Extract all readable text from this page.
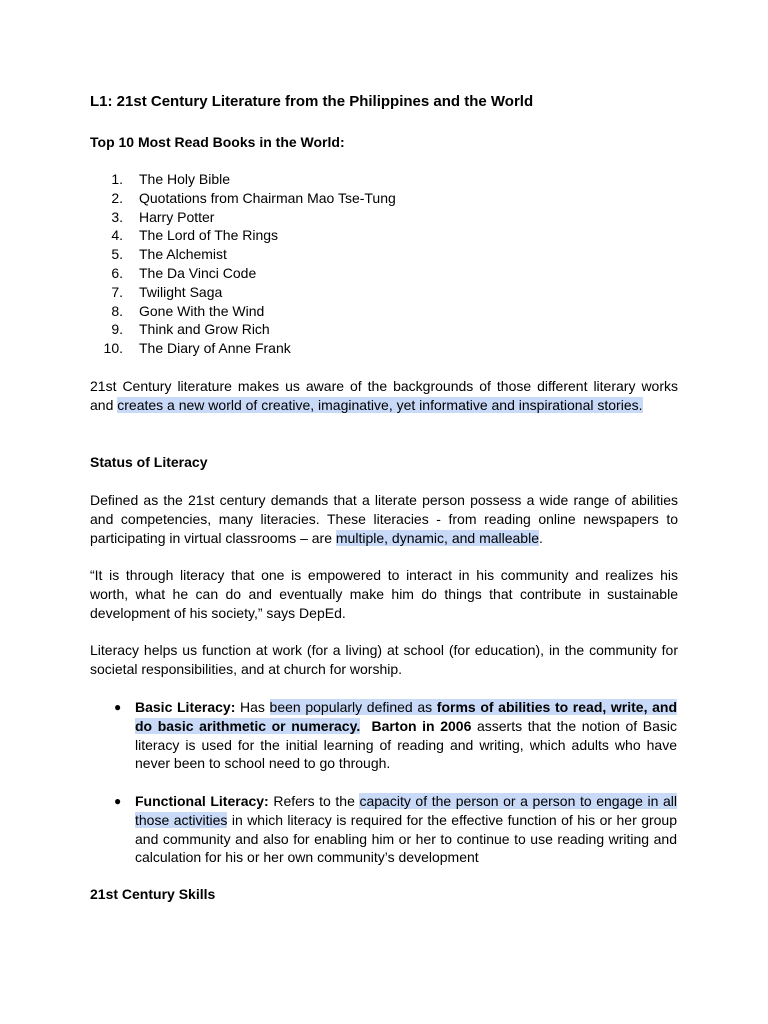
L1: 21st Century Literature from the Philippines and the World

Top 10 Most Read Books in the World:

1. The Holy Bible
2. Quotations from Chairman Mao Tse-Tung
3. Harry Potter
4. The Lord of The Rings
5. The Alchemist
6. The Da Vinci Code
7. Twilight Saga
8. Gone With the Wind
9. Think and Grow Rich
10. The Diary of Anne Frank

21st Century literature makes us aware of the backgrounds of those different literary works and creates a new world of creative, imaginative, yet informative and inspirational stories.

Status of Literacy

Defined as the 21st century demands that a literate person possess a wide range of abilities and competencies, many literacies. These literacies - from reading online newspapers to participating in virtual classrooms – are multiple, dynamic, and malleable.

“It is through literacy that one is empowered to interact in his community and realizes his worth, what he can do and eventually make him do things that contribute in sustainable development of his society,” says DepEd.

Literacy helps us function at work (for a living) at school (for education), in the community for societal responsibilities, and at church for worship.

● Basic Literacy: Has been popularly defined as forms of abilities to read, write, and do basic arithmetic or numeracy. Barton in 2006 asserts that the notion of Basic literacy is used for the initial learning of reading and writing, which adults who have never been to school need to go through.
● Functional Literacy: Refers to the capacity of the person or a person to engage in all those activities in which literacy is required for the effective function of his or her group and community and also for enabling him or her to continue to use reading writing and calculation for his or her own community’s development

21st Century Skills
